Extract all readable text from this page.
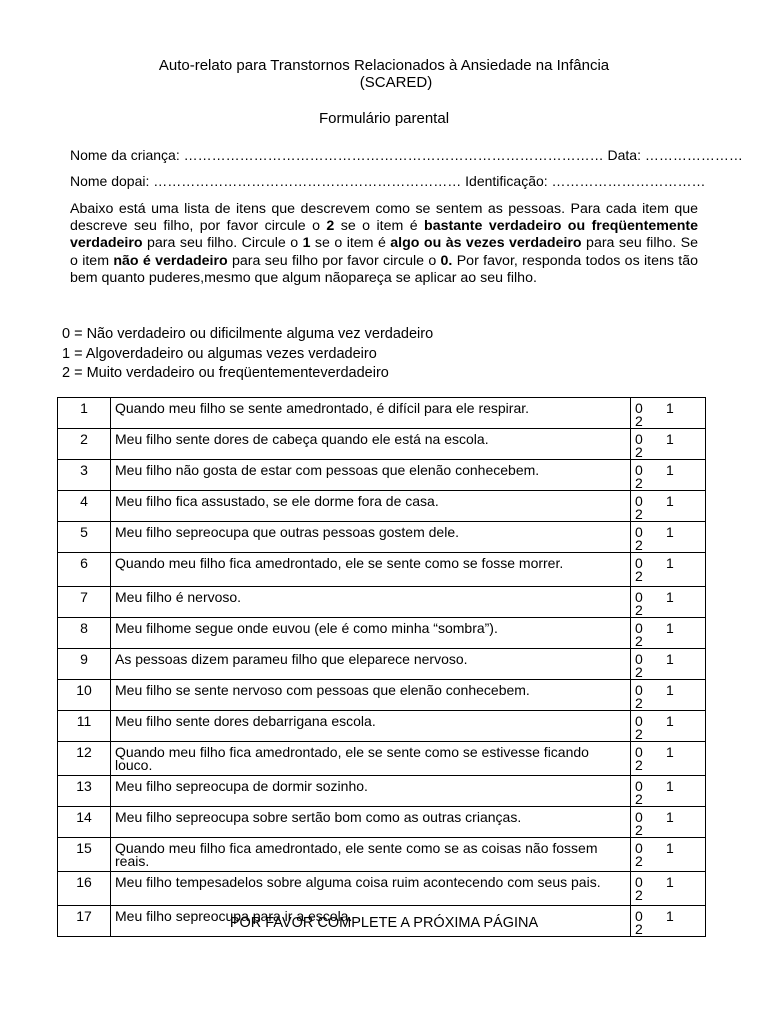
Auto-relato para Transtornos Relacionados à Ansiedade na Infância
(SCARED)
Formulário parental
Nome da criança: ……………………………………………………………………………… Data: …………………
Nome dopai: ………………………………………………………… Identificação: ……………………………
Abaixo está uma lista de itens que descrevem como se sentem as pessoas. Para cada item que descreve seu filho, por favor circule o 2 se o item é bastante verdadeiro ou freqüentemente verdadeiro para seu filho. Circule o 1 se o item é algo ou às vezes verdadeiro para seu filho. Se o item não é verdadeiro para seu filho por favor circule o 0. Por favor, responda todos os itens tão bem quanto puderes,mesmo que algum nãopareça se aplicar ao seu filho.
0 = Não verdadeiro ou dificilmente alguma vez verdadeiro
1 = Algoverdadeiro ou algumas vezes verdadeiro
2 = Muito verdadeiro ou freqüentementeverdadeiro
1	Quando meu filho se sente amedrontado, é difícil para ele respirar.	0 12
2	Meu filho sente dores de cabeça quando ele está na escola.	0 12
3	Meu filho não gosta de estar com pessoas que elenão conhecebem.	0 12
4	Meu filho fica assustado, se ele dorme fora de casa.	0 12
5	Meu filho sepreocupa que outras pessoas gostem dele.	0 12
6	Quando meu filho fica amedrontado, ele se sente como se fosse morrer.	0 12
7	Meu filho é nervoso.	0 12
8	Meu filhome segue onde euvou (ele é como minha “sombra”).	0 12
9	As pessoas dizem parameu filho que eleparece nervoso.	0 12
10	Meu filho se sente nervoso com pessoas que elenão conhecebem.	0 12
11	Meu filho sente dores debarriganа escola.	0 12
12	Quando meu filho fica amedrontado, ele se sente como se estivesse ficando louco.	0 12
13	Meu filho sepreocupa de dormir sozinho.	0 12
14	Meu filho sepreocupa sobre sertão bom como as outras crianças.	0 12
15	Quando meu filho fica amedrontado, ele sente como se as coisas não fossem reais.	0 12
16	Meu filho tempesadelos sobre alguma coisa ruim acontecendo com seus pais.	0 12
17	Meu filho sepreocupa para ir a escola.	0 12
POR FAVOR COMPLETE A PRÓXIMA PÁGINA
